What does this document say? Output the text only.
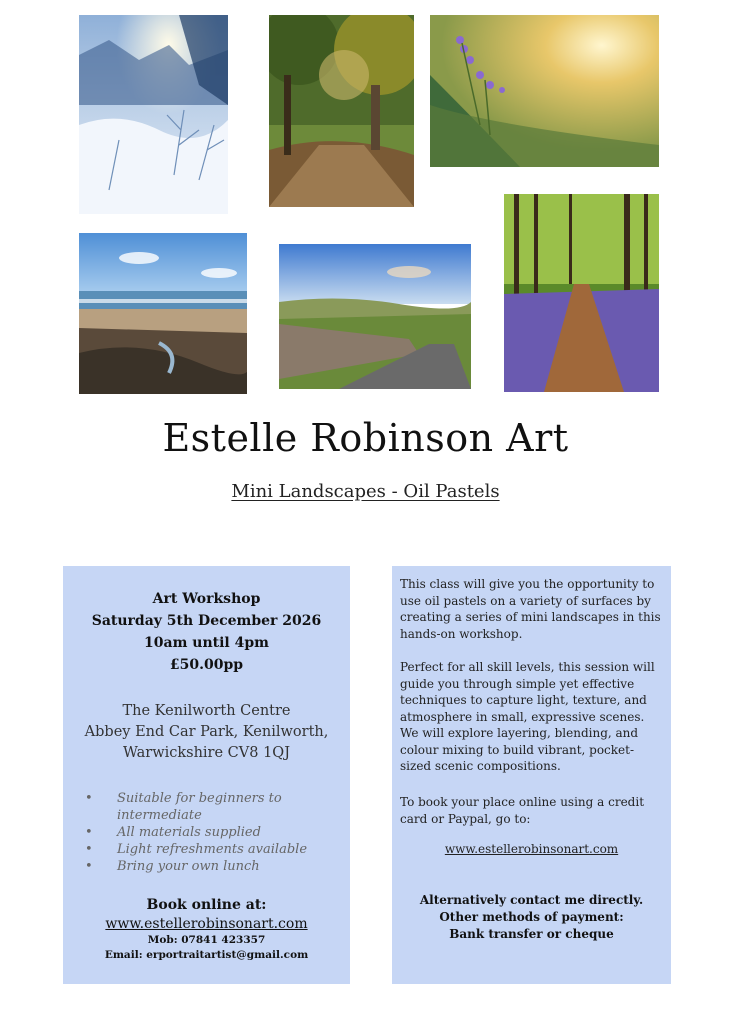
Estelle Robinson Art
Mini Landscapes - Oil Pastels
Art Workshop
Saturday 5th December 2026
10am until 4pm
£50.00pp
The Kenilworth Centre
Abbey End Car Park, Kenilworth,
Warwickshire CV8 1QJ
• Suitable for beginners to intermediate
• All materials supplied
• Light refreshments available
• Bring your own lunch
Book online at:
www.estellerobinsonart.com
Mob: 07841 423357
Email: erportraitartist@gmail.com
This class will give you the opportunity to use oil pastels on a variety of surfaces by creating a series of mini landscapes in this hands-on workshop.
Perfect for all skill levels, this session will guide you through simple yet effective techniques to capture light, texture, and atmosphere in small, expressive scenes. We will explore layering, blending, and colour mixing to build vibrant, pocket-sized scenic compositions.
To book your place online using a credit card or Paypal, go to:
www.estellerobinsonart.com
Alternatively contact me directly.
Other methods of payment:
Bank transfer or cheque
